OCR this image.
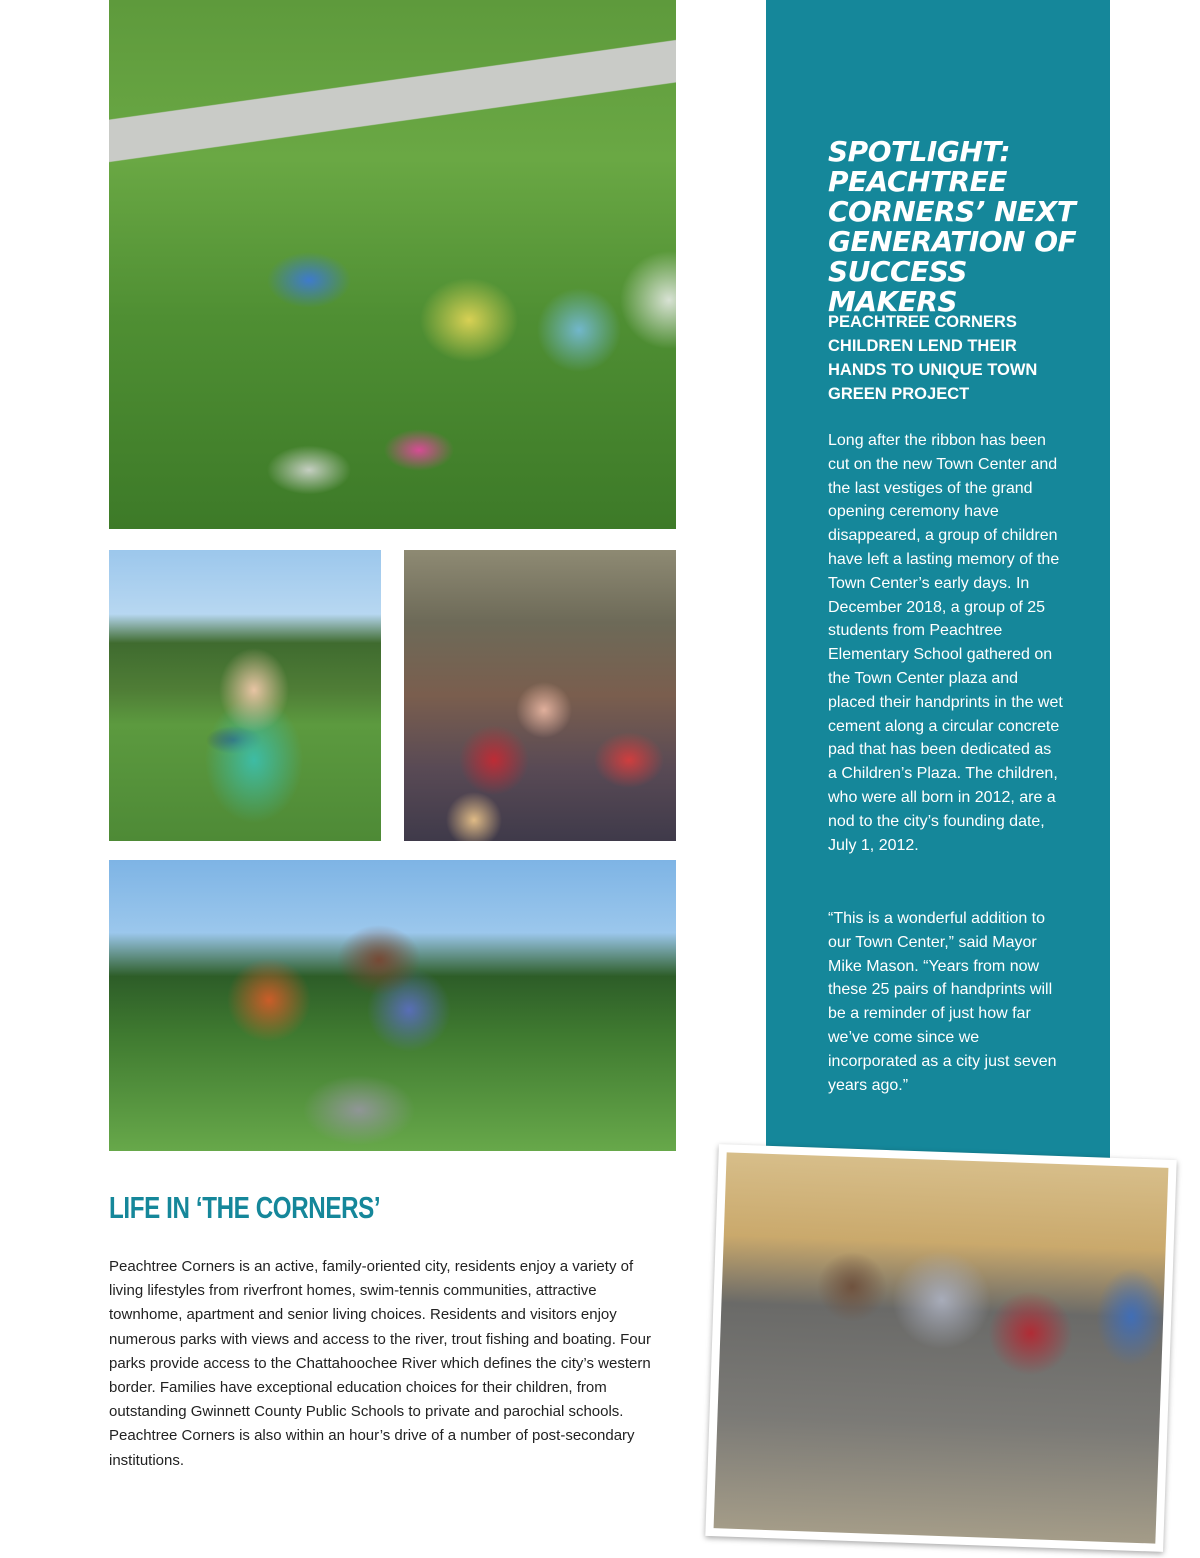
SPOTLIGHT: PEACHTREE CORNERS’ NEXT GENERATION OF SUCCESS MAKERS
PEACHTREE CORNERS CHILDREN LEND THEIR HANDS TO UNIQUE TOWN GREEN PROJECT

Long after the ribbon has been cut on the new Town Center and the last vestiges of the grand opening ceremony have disappeared, a group of children have left a lasting memory of the Town Center’s early days. In December 2018, a group of 25 students from Peachtree Elementary School gathered on the Town Center plaza and placed their handprints in the wet cement along a circular concrete pad that has been dedicated as a Children’s Plaza. The children, who were all born in 2012, are a nod to the city’s founding date, July 1, 2012.

“This is a wonderful addition to our Town Center,” said Mayor Mike Mason. “Years from now these 25 pairs of handprints will be a reminder of just how far we’ve come since we incorporated as a city just seven years ago.”

LIFE IN ‘THE CORNERS’

Peachtree Corners is an active, family-oriented city, residents enjoy a variety of living lifestyles from riverfront homes, swim-tennis communities, attractive townhome, apartment and senior living choices. Residents and visitors enjoy numerous parks with views and access to the river, trout fishing and boating. Four parks provide access to the Chattahoochee River which defines the city’s western border. Families have exceptional education choices for their children, from outstanding Gwinnett County Public Schools to private and parochial schools. Peachtree Corners is also within an hour’s drive of a number of post-secondary institutions.
